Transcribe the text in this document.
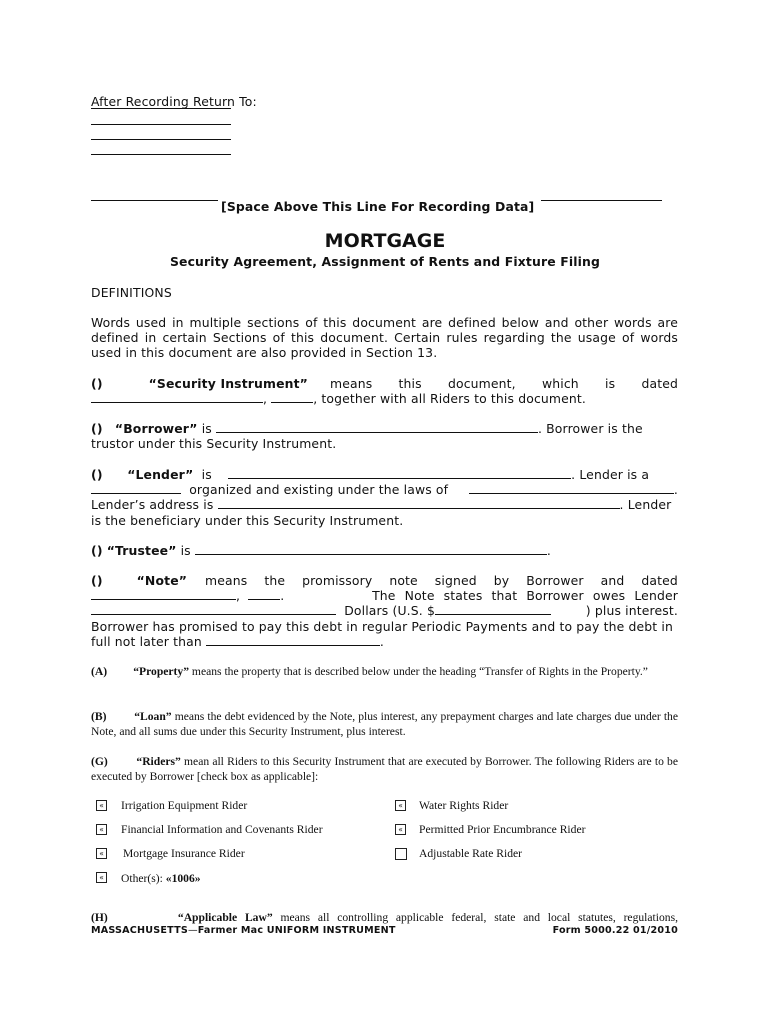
After Recording Return To:
[Space Above This Line For Recording Data]
MORTGAGE
Security Agreement, Assignment of Rents and Fixture Filing
DEFINITIONS
Words used in multiple sections of this document are defined below and other words are defined in certain Sections of this document. Certain rules regarding the usage of words used in this document are also provided in Section 13.
()	“Security Instrument” means this document, which is dated
,	, together with all Riders to this document.
() “Borrower” is	. Borrower is the
trustor under this Security Instrument.
() “Lender” is	. Lender is a
organized and existing under the laws of	.
Lender’s address is	. Lender
is the beneficiary under this Security Instrument.
() “Trustee” is	.
()	“Note” means the promissory note signed by Borrower and dated
,	.	The Note states that Borrower owes Lender
Dollars (U.S. $	) plus interest.
Borrower has promised to pay this debt in regular Periodic Payments and to pay the debt in
full not later than	.
(A) “Property” means the property that is described below under the heading “Transfer of Rights in the Property.”
(B) “Loan” means the debt evidenced by the Note, plus interest, any prepayment charges and late charges due under the Note, and all sums due under this Security Instrument, plus interest.
(G) “Riders” mean all Riders to this Security Instrument that are executed by Borrower. The following Riders are to be executed by Borrower [check box as applicable]:
« Irrigation Equipment Rider	« Water Rights Rider
« Financial Information and Covenants Rider	« Permitted Prior Encumbrance Rider
« Mortgage Insurance Rider	Adjustable Rate Rider
« Other(s): «1006»
(H)	“Applicable Law” means all controlling applicable federal, state and local statutes, regulations,
MASSACHUSETTS—Farmer Mac UNIFORM INSTRUMENT	Form 5000.22 01/2010
